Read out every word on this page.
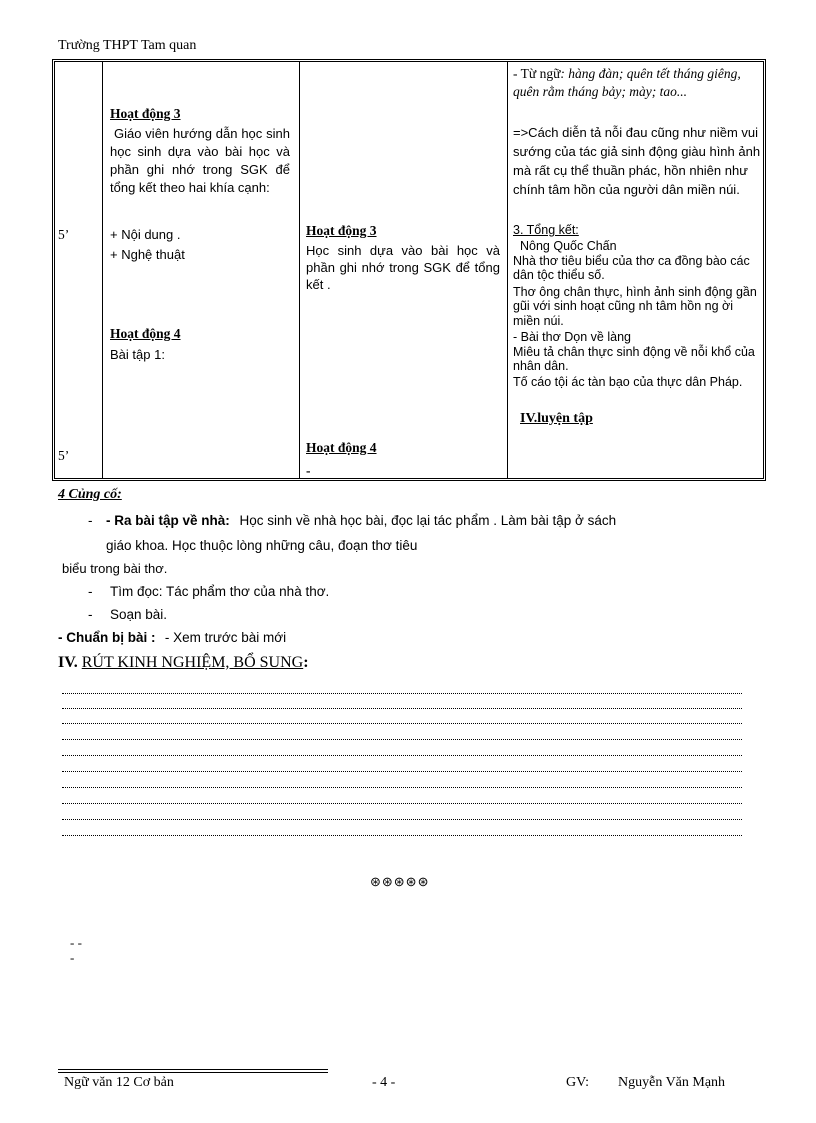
Trường THPT Tam quan
5’
5’
Hoạt động 3
Giáo viên hướng dẫn học sinh học sinh dựa vào bài học và phần ghi nhớ trong SGK để tổng kết theo hai khía cạnh:
+ Nội dung .
+ Nghệ thuật
Hoạt động 4
Bài tập 1:
Hoạt động 3
Học sinh dựa vào bài học và phần ghi nhớ trong SGK để tổng kết .
Hoạt động 4
-
- Từ ngữ: hàng đàn; quên tết tháng giêng, quên rằm tháng bảy; mày; tao...
=>Cách diễn tả nỗi đau cũng như niềm vui sướng của tác giả sinh động giàu hình ảnh mà rất cụ thể thuần phác, hồn nhiên như chính tâm hồn của người dân miền núi.
3. Tổng kết:
Nông Quốc Chấn
Nhà thơ tiêu biểu của thơ ca đồng bào các dân tộc thiểu số.
Thơ ông chân thực, hình ảnh sinh động gần gũi với sinh hoạt cũng nh tâm hồn ng ời miền núi.
- Bài thơ Dọn về làng
Miêu tả chân thực sinh động về nỗi khổ của nhân dân.
Tố cáo tội ác tàn bạo của thực dân Pháp.
IV.luyện tập
4 Củng cố:
- - Ra bài tập về nhà: Học sinh về nhà học bài, đọc lại tác phẩm . Làm bài tập ở sách
giáo khoa. Học thuộc lòng những câu, đoạn thơ tiêu
biểu trong bài thơ.
- Tìm đọc: Tác phẩm thơ của nhà thơ.
- Soạn bài.
- Chuẩn bị bài : - Xem trước bài mới
IV. RÚT KINH NGHIỆM, BỔ SUNG:
⊛⊛⊛⊛⊛
- -
-
Ngữ văn 12 Cơ bản	- 4 -	GV: Nguyễn Văn Mạnh
